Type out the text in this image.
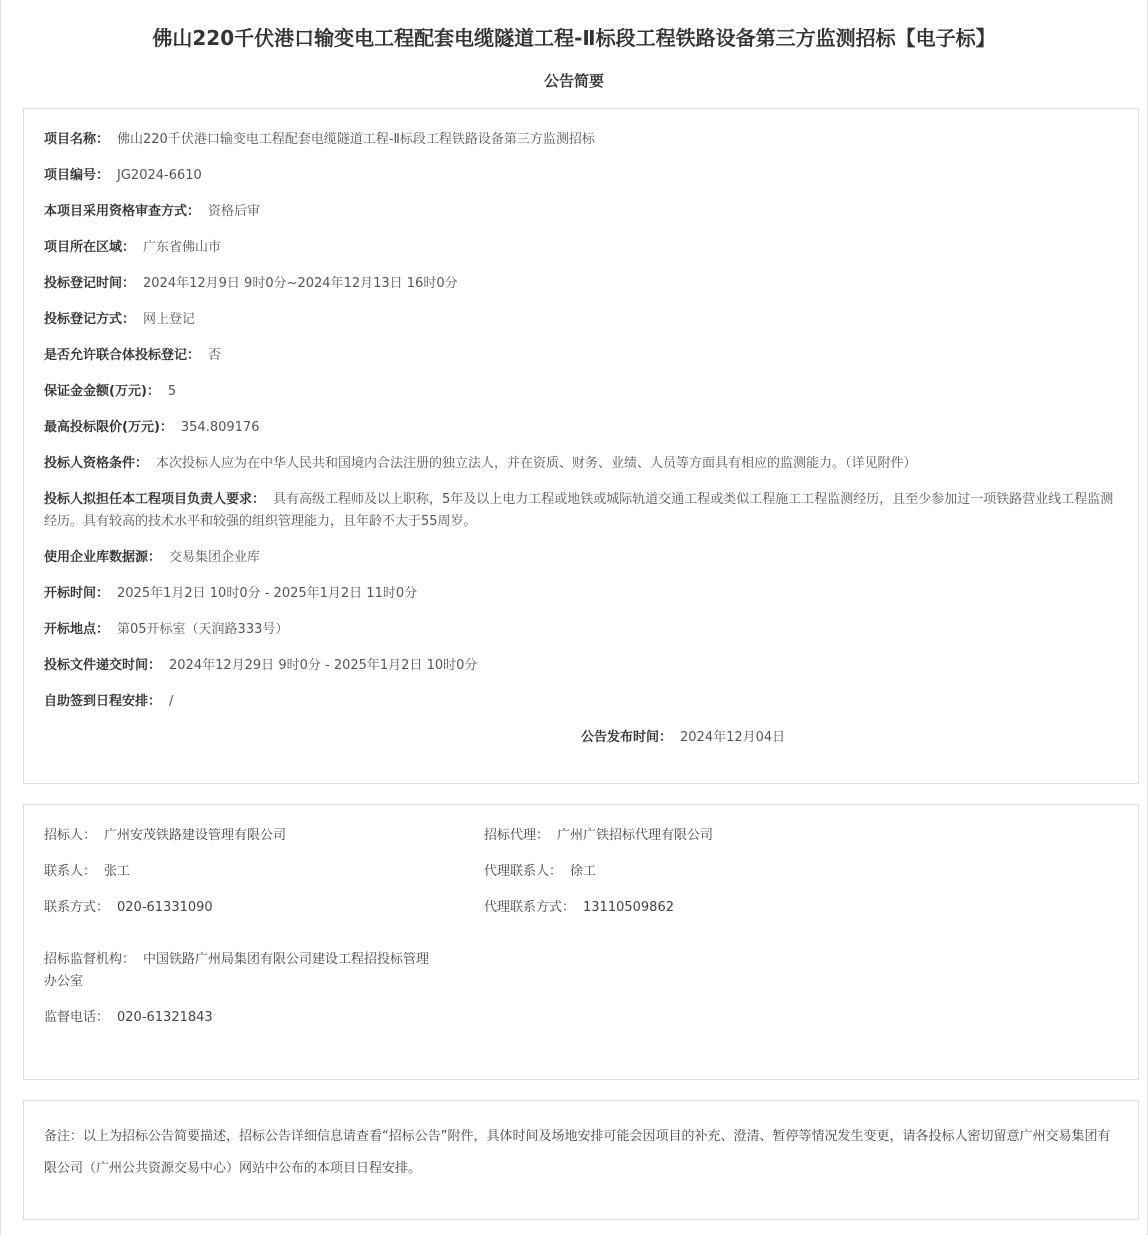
佛山220千伏港口输变电工程配套电缆隧道工程-Ⅱ标段工程铁路设备第三方监测招标【电子标】
公告简要
项目名称： 佛山220千伏港口输变电工程配套电缆隧道工程-Ⅱ标段工程铁路设备第三方监测招标
项目编号： JG2024-6610
本项目采用资格审查方式： 资格后审
项目所在区域： 广东省佛山市
投标登记时间： 2024年12月9日 9时0分~2024年12月13日 16时0分
投标登记方式： 网上登记
是否允许联合体投标登记： 否
保证金金额(万元)： 5
最高投标限价(万元)： 354.809176
投标人资格条件： 本次投标人应为在中华人民共和国境内合法注册的独立法人，并在资质、财务、业绩、人员等方面具有相应的监测能力。（详见附件）
投标人拟担任本工程项目负责人要求： 具有高级工程师及以上职称，5年及以上电力工程或地铁或城际轨道交通工程或类似工程施工工程监测经历，且至少参加过一项铁路营业线工程监测经历。具有较高的技术水平和较强的组织管理能力，且年龄不大于55周岁。
使用企业库数据源： 交易集团企业库
开标时间： 2025年1月2日 10时0分 - 2025年1月2日 11时0分
开标地点： 第05开标室（天润路333号）
投标文件递交时间： 2024年12月29日 9时0分 - 2025年1月2日 10时0分
自助签到日程安排： /
公告发布时间： 2024年12月04日
招标人： 广州安茂铁路建设管理有限公司	招标代理： 广州广铁招标代理有限公司
联系人： 张工	代理联系人： 徐工
联系方式： 020-61331090	代理联系方式： 13110509862
招标监督机构： 中国铁路广州局集团有限公司建设工程招投标管理
办公室
监督电话： 020-61321843
备注：以上为招标公告简要描述，招标公告详细信息请查看“招标公告”附件，具体时间及场地安排可能会因项目的补充、澄清、暂停等情况发生变更，请各投标人密切留意广州交易集团有限公司（广州公共资源交易中心）网站中公布的本项目日程安排。
